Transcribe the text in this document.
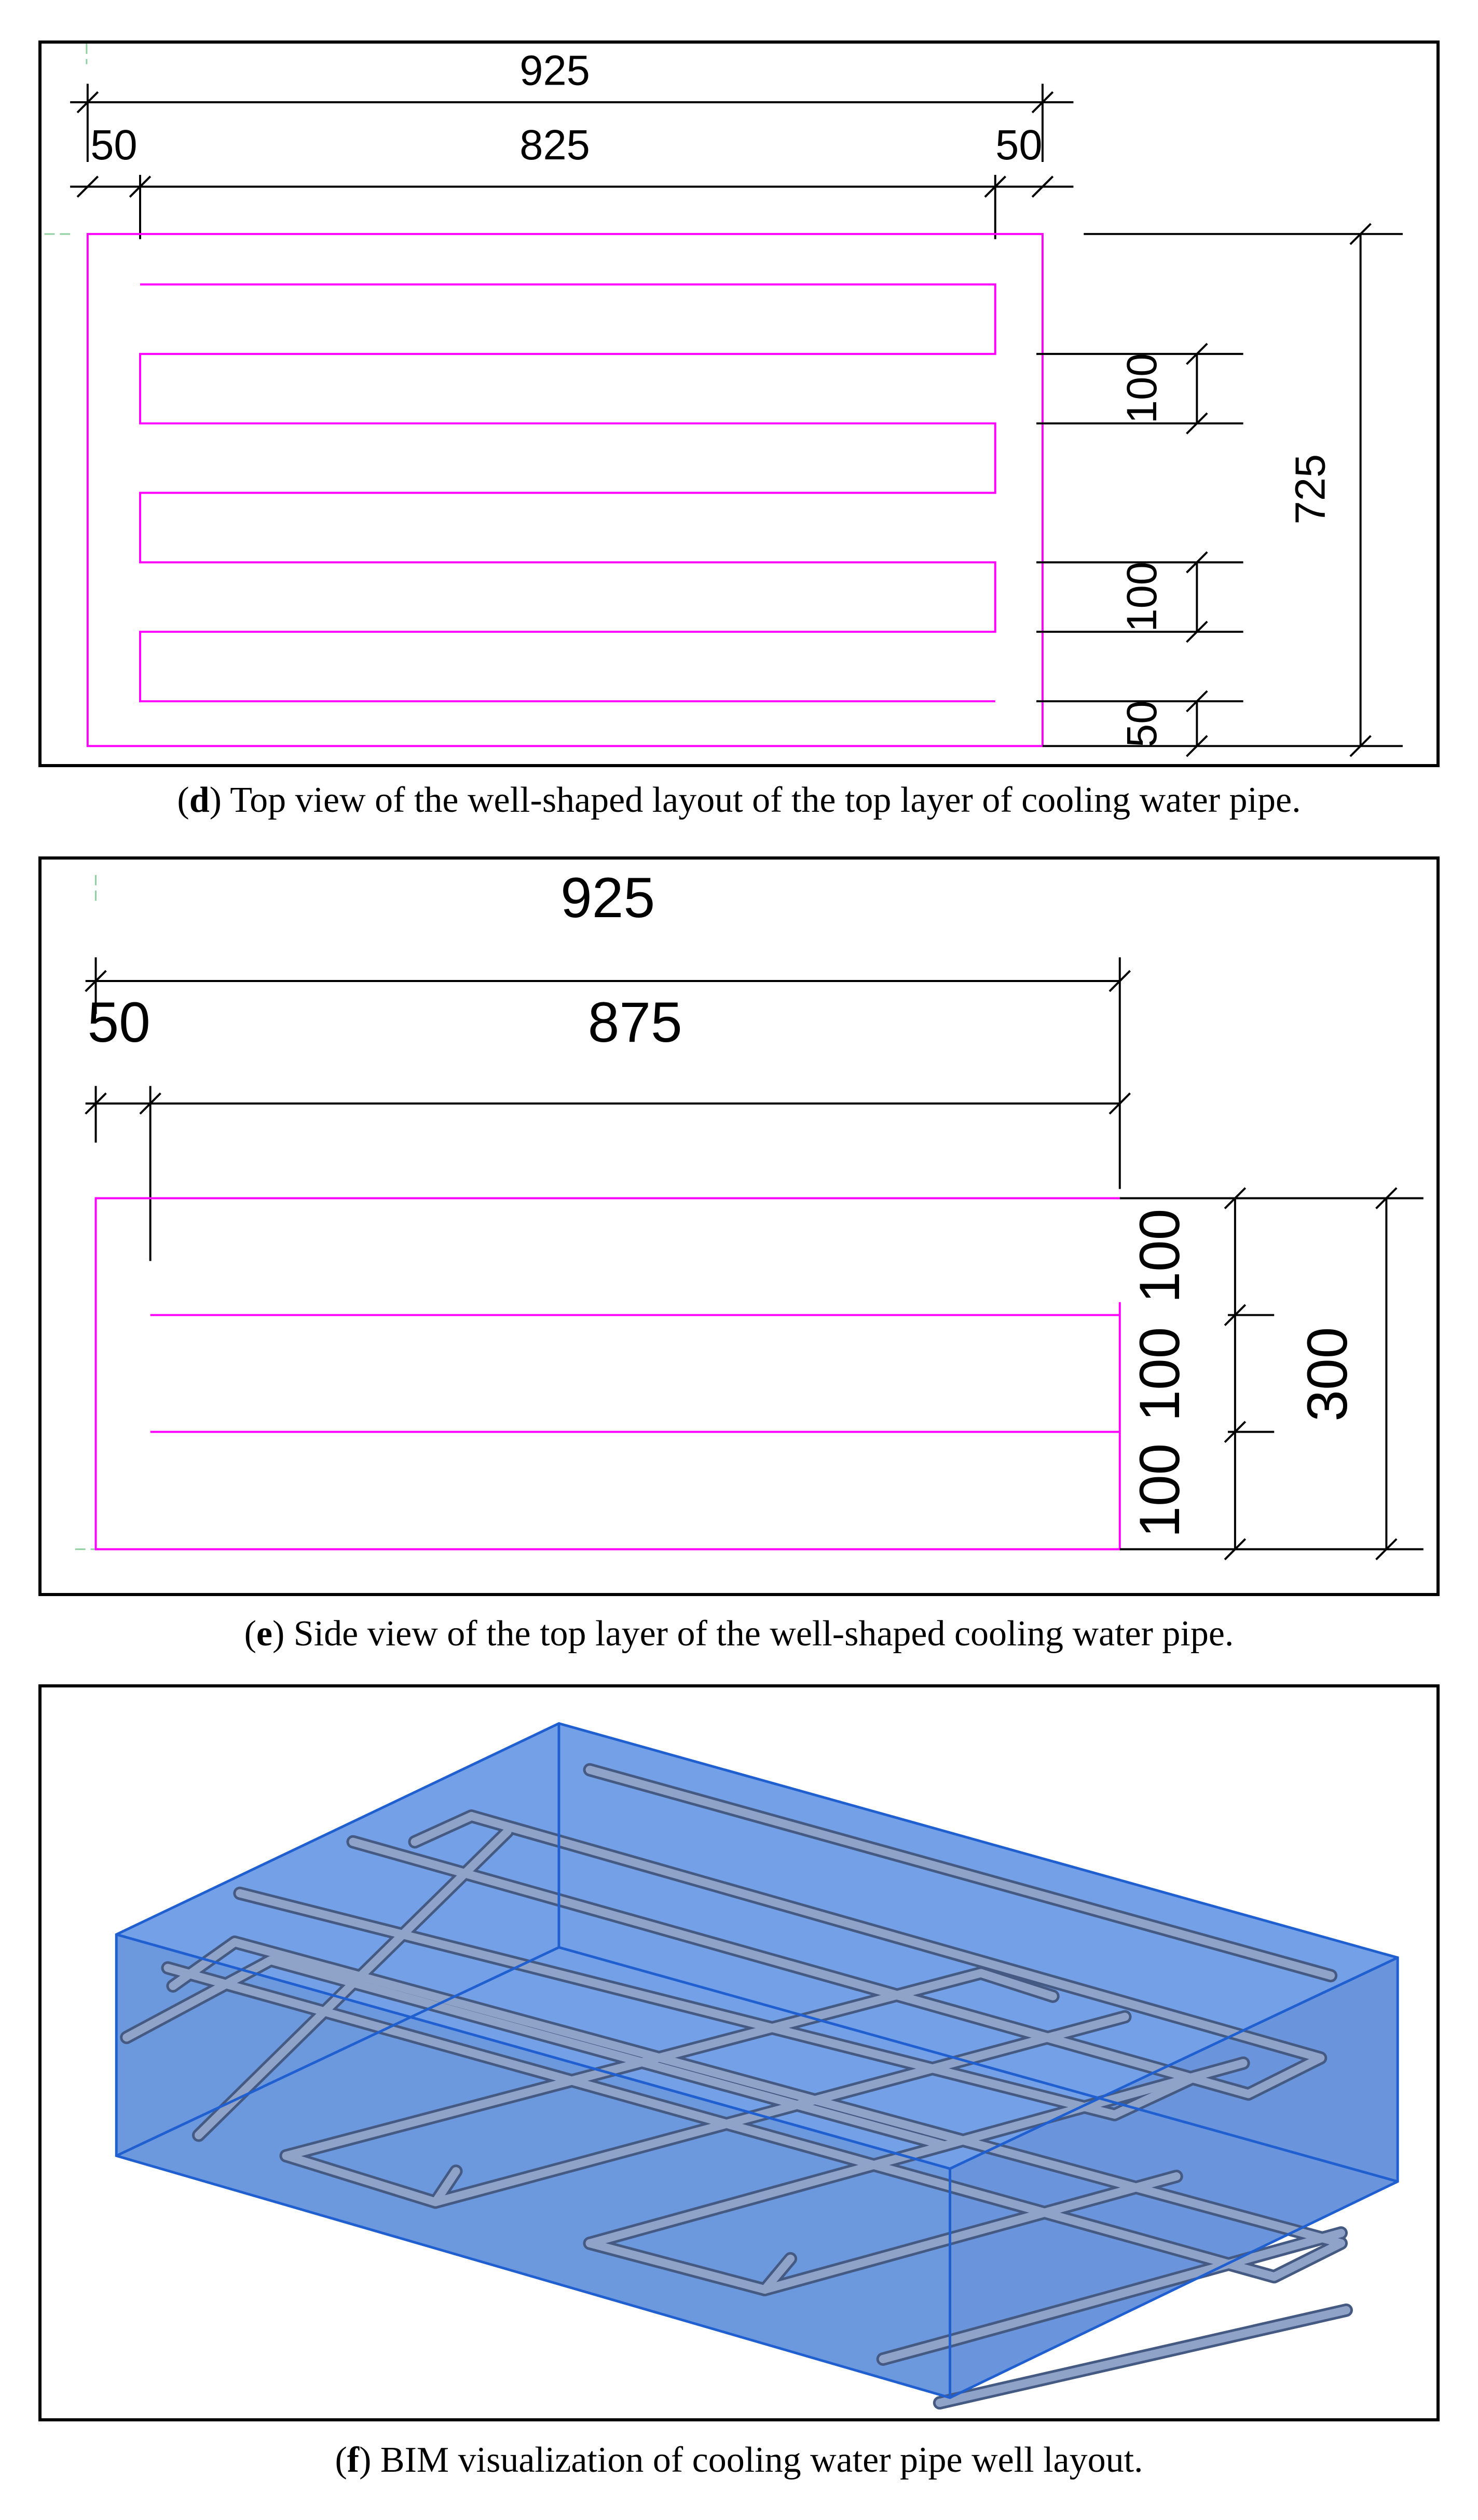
925
50	825	50
100
100
50
725
(d) Top view of the well-shaped layout of the top layer of cooling water pipe.
925
50	875
100
100
100
300
(e) Side view of the top layer of the well-shaped cooling water pipe.
(f) BIM visualization of cooling water pipe well layout.
